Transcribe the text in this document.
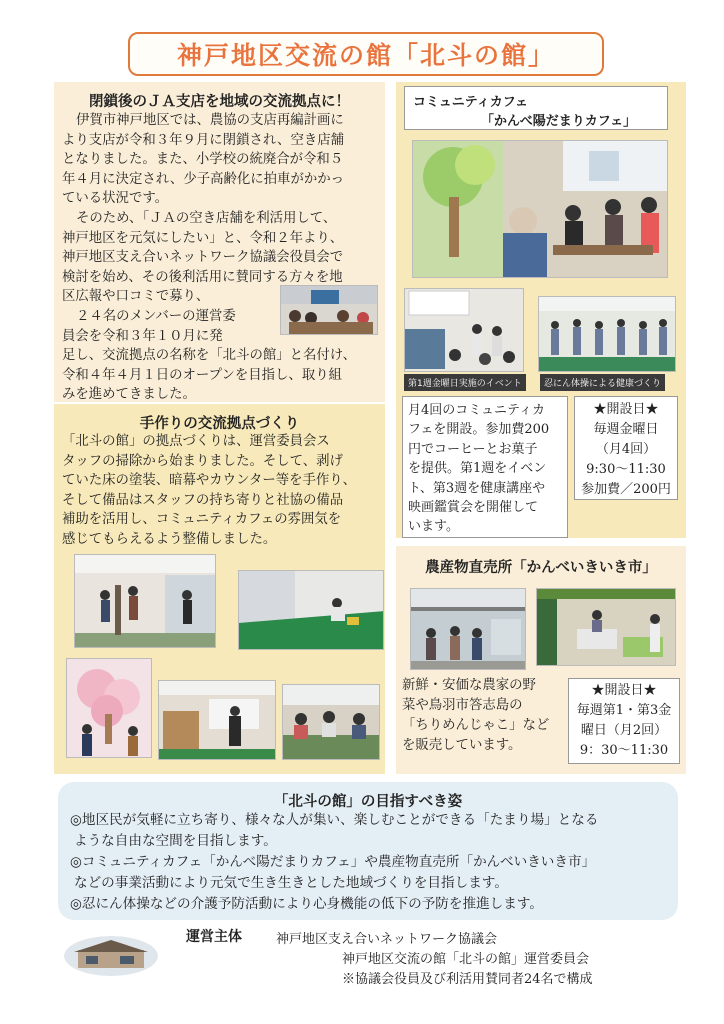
神戸地区交流の館「北斗の館」
閉鎖後のＪＡ支店を地域の交流拠点に！
伊賀市神戸地区では、農協の支店再編計画に
より支店が令和３年９月に閉鎖され、空き店舗
となりました。また、小学校の統廃合が令和５
年４月に決定され、少子高齢化に拍車がかかっ
ている状況です。
そのため、「ＪＡの空き店舗を利活用して、
神戸地区を元気にしたい」と、令和２年より、
神戸地区支え合いネットワーク協議会役員会で
検討を始め、その後利活用に賛同する方々を地
区広報や口コミで募り、
２４名のメンバーの運営委
員会を令和３年１０月に発
足し、交流拠点の名称を「北斗の館」と名付け、
令和４年４月１日のオープンを目指し、取り組
みを進めてきました。
手作りの交流拠点づくり
「北斗の館」の拠点づくりは、運営委員会ス
タッフの掃除から始まりました。そして、剥げ
ていた床の塗装、暗幕やカウンター等を手作り、
そして備品はスタッフの持ち寄りと社協の備品
補助を活用し、コミュニティカフェの雰囲気を
感じてもらえるよう整備しました。
コミュニティカフェ
「かんべ陽だまりカフェ」
第1週金曜日実施のイベント	忍にん体操による健康づくり
月4回のコミュニティカ
フェを開設。参加費200
円でコーヒーとお菓子
を提供。第1週をイベン
ト、第3週を健康講座や
映画鑑賞会を開催して
います。
★開設日★
毎週金曜日
（月4回）
9:30～11:30
参加費／200円
農産物直売所「かんべいきいき市」
新鮮・安価な農家の野
菜や鳥羽市答志島の
「ちりめんじゃこ」など
を販売しています。
★開設日★
毎週第1・第3金
曜日（月2回）
9：30～11:30
「北斗の館」の目指すべき姿
◎地区民が気軽に立ち寄り、様々な人が集い、楽しむことができる「たまり場」となる
ような自由な空間を目指します。
◎コミュニティカフェ「かんべ陽だまりカフェ」や農産物直売所「かんべいきいき市」
などの事業活動により元気で生き生きとした地域づくりを目指します。
◎忍にん体操などの介護予防活動により心身機能の低下の予防を推進します。
運営主体	神戸地区支え合いネットワーク協議会
神戸地区交流の館「北斗の館」運営委員会
※協議会役員及び利活用賛同者24名で構成
